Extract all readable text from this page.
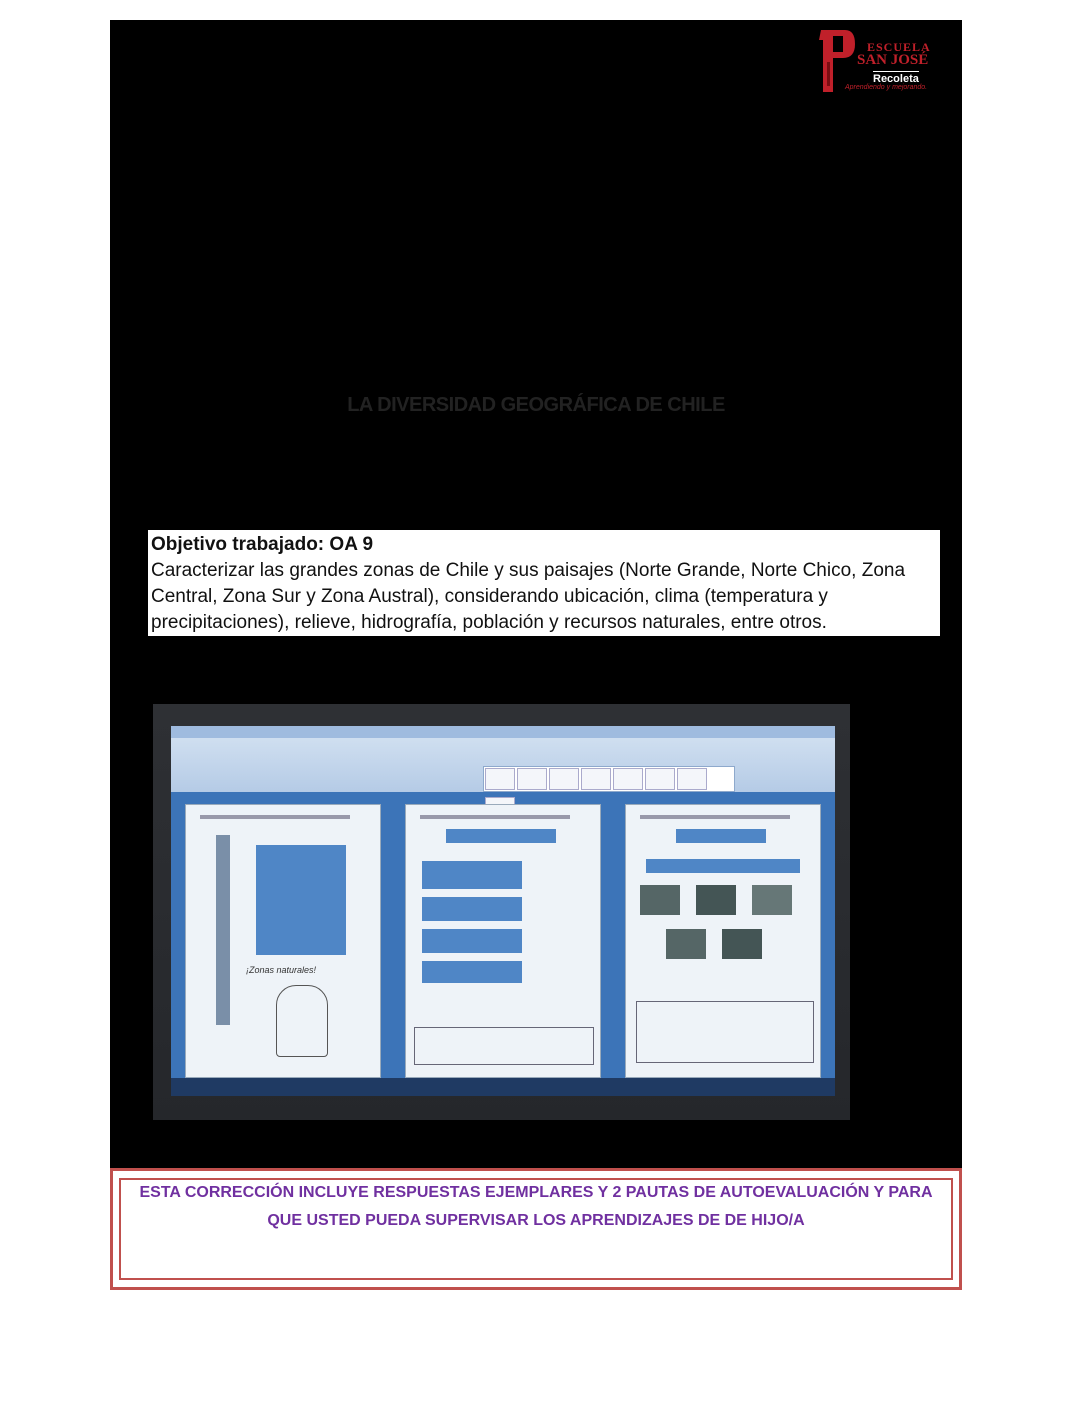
ESCUELA
SAN JOSÉ
Recoleta
Aprendiendo y mejorando.
LA DIVERSIDAD GEOGRÁFICA DE CHILE
Objetivo trabajado: OA 9
Caracterizar las grandes zonas de Chile y sus paisajes (Norte Grande, Norte Chico, Zona Central, Zona Sur y Zona Austral), considerando ubicación, clima (temperatura y precipitaciones), relieve, hidrografía, población y recursos naturales, entre otros.
¡Zonas naturales!
ESTA CORRECCIÓN INCLUYE RESPUESTAS EJEMPLARES Y 2 PAUTAS DE AUTOEVALUACIÓN Y PARA
QUE USTED PUEDA SUPERVISAR LOS APRENDIZAJES DE DE HIJO/A
